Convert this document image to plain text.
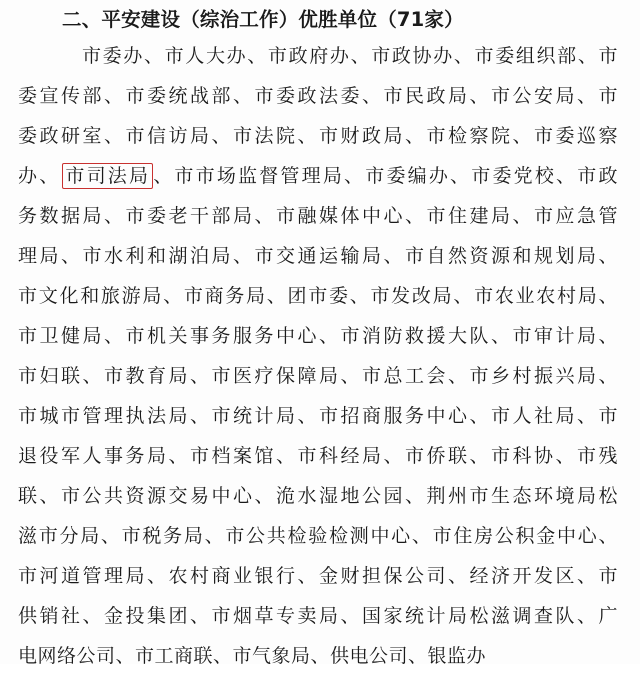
二、平安建设（综治工作）优胜单位（71家）
市委办、市人大办、市政府办、市政协办、市委组织部、市
委宣传部、市委统战部、市委政法委、市民政局、市公安局、市
委政研室、市信访局、市法院、市财政局、市检察院、市委巡察
办、 市司法局 、市市场监督管理局、市委编办、市委党校、市政
务数据局、市委老干部局、市融媒体中心、市住建局、市应急管
理局、市水利和湖泊局、市交通运输局、市自然资源和规划局、
市文化和旅游局、市商务局、团市委、市发改局、市农业农村局、
市卫健局、市机关事务服务中心、市消防救援大队、市审计局、
市妇联、市教育局、市医疗保障局、市总工会、市乡村振兴局、
市城市管理执法局、市统计局、市招商服务中心、市人社局、市
退役军人事务局、市档案馆、市科经局、市侨联、市科协、市残
联、市公共资源交易中心、洈水湿地公园、荆州市生态环境局松
滋市分局、市税务局、市公共检验检测中心、市住房公积金中心、
市河道管理局、农村商业银行、金财担保公司、经济开发区、市
供销社、金投集团、市烟草专卖局、国家统计局松滋调查队、广
电网络公司、市工商联、市气象局、供电公司、银监办
